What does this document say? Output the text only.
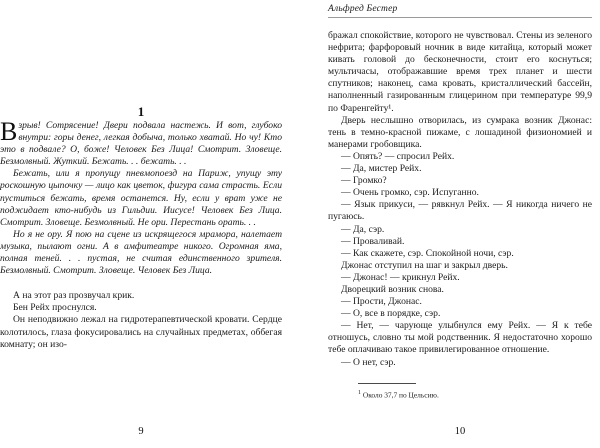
1

Взрыв! Сотрясение! Двери подвала настежь. И вот, глубоко внутри: горы денег, легкая добыча, только хватай. Но чу! Кто это в подвале? О, боже! Человек Без Лица! Смотрит. Зловеще. Безмолвный. Жуткий. Бежать. . . бежать. . .

Бежать, или я пропущу пневмопоезд на Париж, упущу эту роскошную цыпочку — лицо как цветок, фигура сама страсть. Если пуститься бежать, время останется. Ну, если у врат уже не поджидает кто-нибудь из Гильдии. Иисусе! Человек Без Лица. Смотрит. Зловеще. Безмолвный. Не ори. Перестань орать. . .

Но я не ору. Я пою на сцене из искрящегося мрамора, налетает музыка, пылают огни. А в амфитеатре никого. Огромная яма, полная теней. . . пустая, не считая единственного зрителя. Безмолвный. Смотрит. Зловеще. Человек Без Лица.

А на этот раз прозвучал крик.

Бен Рейх проснулся.

Он неподвижно лежал на гидротерапевтической кровати. Сердце колотилось, глаза фокусировались на случайных предметах, оббегая комнату; он изо-

9
Альфред Бестер

бражал спокойствие, которого не чувствовал. Стены из зеленого нефрита; фарфоровый ночник в виде китайца, который может кивать головой до бесконечности, стоит его коснуться; мультичасы, отображавшие время трех планет и шести спутников; наконец, сама кровать, кристаллический бассейн, наполненный газированным глицерином при температуре 99,9 по Фаренгейту¹.

Дверь неслышно отворилась, из сумрака возник Джонас: тень в темно-красной пижаме, с лошадиной физиономией и манерами гробовщика.

— Опять? — спросил Рейх.

— Да, мистер Рейх.

— Громко?

— Очень громко, сэр. Испуганно.

— Язык прикуси, — рявкнул Рейх. — Я никогда ничего не пугаюсь.

— Да, сэр.

— Проваливай.

— Как скажете, сэр. Спокойной ночи, сэр.

Джонас отступил на шаг и закрыл дверь.

— Джонас! — крикнул Рейх.

Дворецкий возник снова.

— Прости, Джонас.

— О, все в порядке, сэр.

— Нет, — чарующе улыбнулся ему Рейх. — Я к тебе отношусь, словно ты мой родственник. Я недостаточно хорошо тебе оплачиваю такое привилегированное отношение.

— О нет, сэр.

$^1$ Около 37,7 по Цельсию.
10
